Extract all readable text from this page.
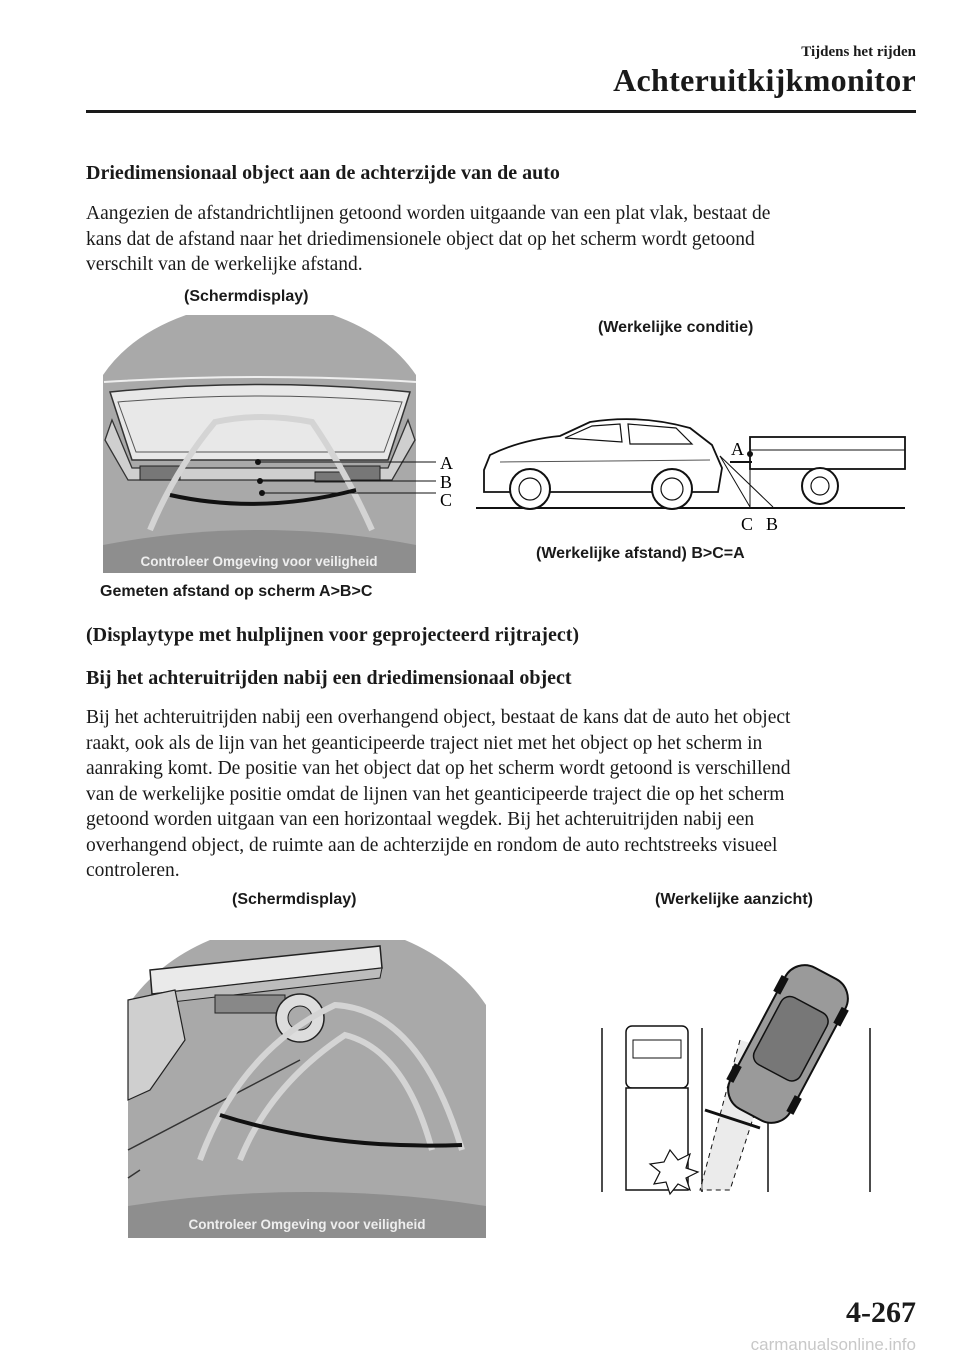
Tijdens het rijden
Achteruitkijkmonitor
Driedimensionaal object aan de achterzijde van de auto
Aangezien de afstandrichtlijnen getoond worden uitgaande van een plat vlak, bestaat de
kans dat de afstand naar het driedimensionele object dat op het scherm wordt getoond
verschilt van de werkelijke afstand.
(Schermdisplay)
(Werkelijke conditie)
A
B
C
Controleer Omgeving voor veiligheid
A
C B
(Werkelijke afstand) B>C=A
Gemeten afstand op scherm A>B>C
(Displaytype met hulplijnen voor geprojecteerd rijtraject)
Bij het achteruitrijden nabij een driedimensionaal object
Bij het achteruitrijden nabij een overhangend object, bestaat de kans dat de auto het object
raakt, ook als de lijn van het geanticipeerde traject niet met het object op het scherm in
aanraking komt. De positie van het object dat op het scherm wordt getoond is verschillend
van de werkelijke positie omdat de lijnen van het geanticipeerde traject die op het scherm
getoond worden uitgaan van een horizontaal wegdek. Bij het achteruitrijden nabij een
overhangend object, de ruimte aan de achterzijde en rondom de auto rechtstreeks visueel
controleren.
(Schermdisplay)	(Werkelijke aanzicht)
Controleer Omgeving voor veiligheid
4-267
carmanualsonline.info
